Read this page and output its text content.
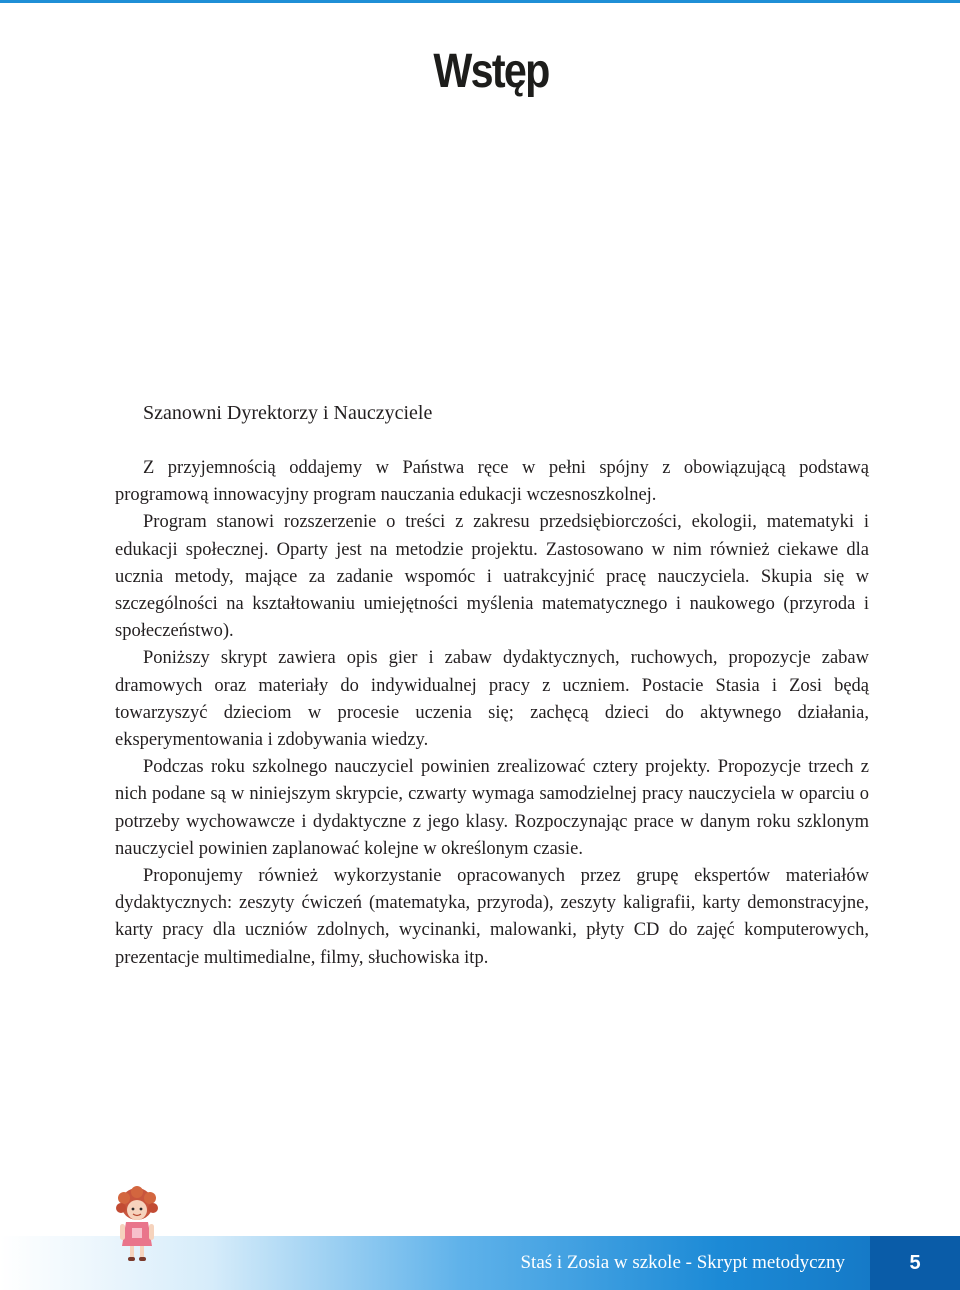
Wstęp
Szanowni Dyrektorzy i Nauczyciele

Z przyjemnością oddajemy w Państwa ręce w pełni spójny z obowiązującą podstawą programową innowacyjny program nauczania edukacji wczesnoszkolnej.

Program stanowi rozszerzenie o treści z zakresu przedsiębiorczości, ekologii, matematyki i edukacji społecznej. Oparty jest na metodzie projektu. Zastosowano w nim również ciekawe dla ucznia metody, mające za zadanie wspomóc i uatrakcyjnić pracę nauczyciela. Skupia się w szczególności na kształtowaniu umiejętności myślenia matematycznego i naukowego (przyroda i społeczeństwo).

Poniższy skrypt zawiera opis gier i zabaw dydaktycznych, ruchowych, propozycje zabaw dramowych oraz materiały do indywidualnej pracy z uczniem. Postacie Stasia i Zosi będą towarzyszyć dzieciom w procesie uczenia się; zachęcą dzieci do aktywnego działania, eksperymentowania i zdobywania wiedzy.

Podczas roku szkolnego nauczyciel powinien zrealizować cztery projekty. Propozycje trzech z nich podane są w niniejszym skrypcie, czwarty wymaga samodzielnej pracy nauczyciela w oparciu o potrzeby wychowawcze i dydaktyczne z jego klasy. Rozpoczynając prace w danym roku szklonym nauczyciel powinien zaplanować kolejne w określonym czasie.

Proponujemy również wykorzystanie opracowanych przez grupę ekspertów materiałów dydaktycznych: zeszyty ćwiczeń (matematyka, przyroda), zeszyty kaligrafii, karty demonstracyjne, karty pracy dla uczniów zdolnych, wycinanki, malowanki, płyty CD do zajęć komputerowych, prezentacje multimedialne, filmy, słuchowiska itp.

Staś i Zosia w szkole - Skrypt metodyczny	5
